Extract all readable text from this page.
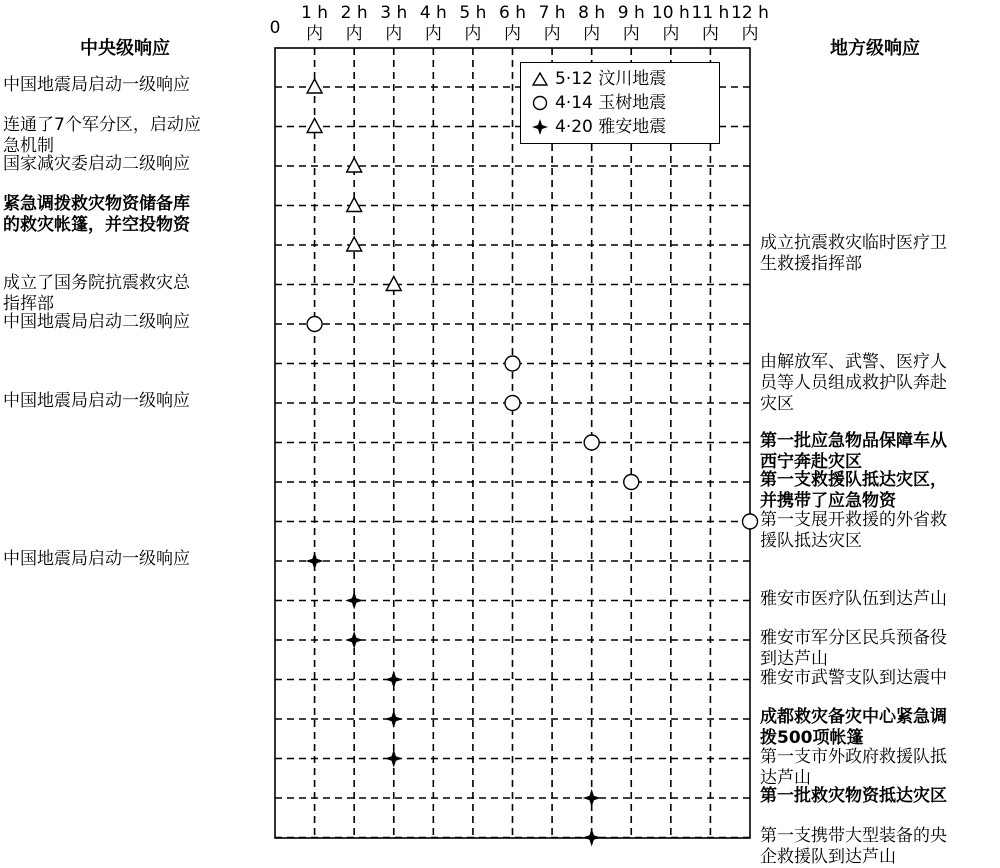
中央级响应	地方级响应
中国地震局启动一级响应
连通了7个军分区，启动应
急机制
国家减灾委启动二级响应
紧急调拨救灾物资储备库
的救灾帐篷，并空投物资
成立了国务院抗震救灾总
指挥部
中国地震局启动二级响应
中国地震局启动一级响应
中国地震局启动一级响应
成立抗震救灾临时医疗卫
生救援指挥部
由解放军、武警、医疗人
员等人员组成救护队奔赴
灾区
第一批应急物品保障车从
西宁奔赴灾区
第一支救援队抵达灾区，
并携带了应急物资
第一支展开救援的外省救
援队抵达灾区
雅安市医疗队伍到达芦山
雅安市军分区民兵预备役
到达芦山
雅安市武警支队到达震中
成都救灾备灾中心紧急调
拨500项帐篷
第一支市外政府救援队抵
达芦山
第一批救灾物资抵达灾区
第一支携带大型装备的央
企救援队到达芦山
0
1 h
内
2 h
内
3 h
内
4 h
内
5 h
内
6 h
内
7 h
内
8 h
内
9 h
内
10 h
内
11 h
内
12 h
内
5·12 汶川地震
4·14 玉树地震
4·20 雅安地震
